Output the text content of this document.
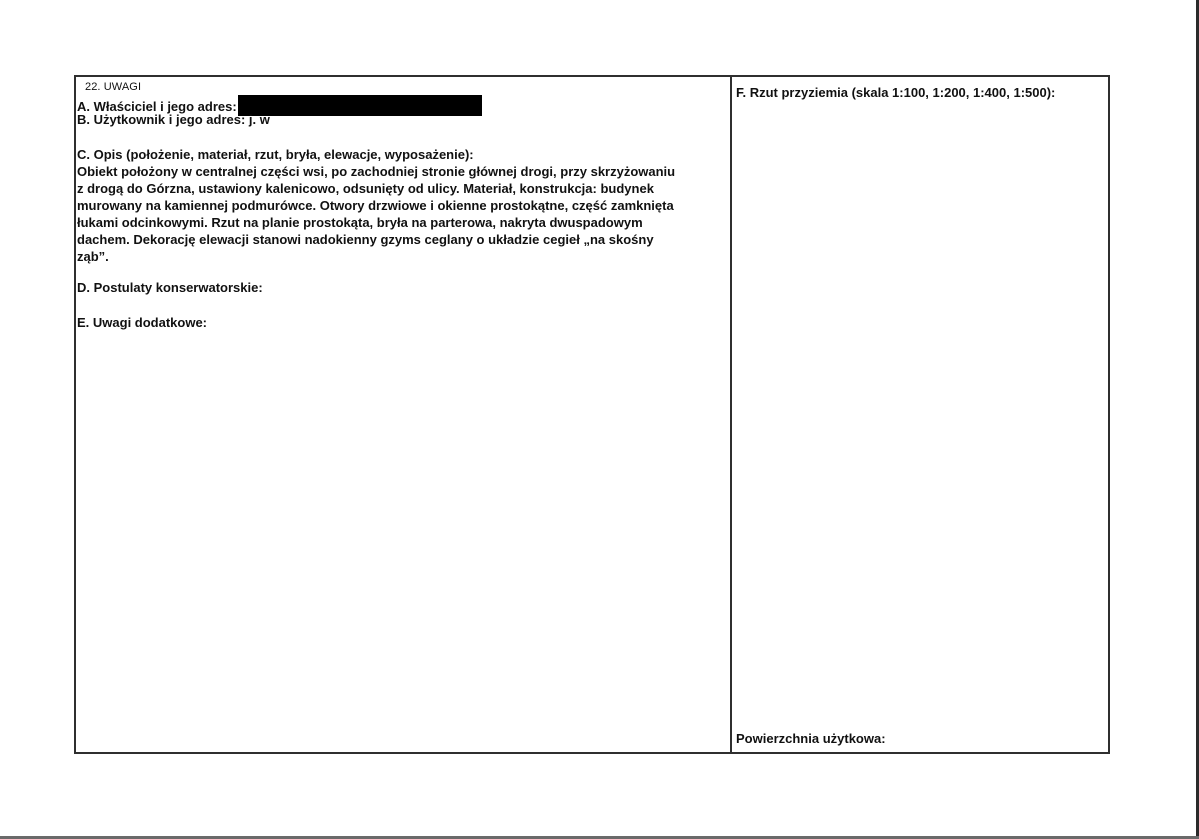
22. UWAGI
A. Właściciel i jego adres:
B. Użytkownik i jego adres: j. w
C. Opis (położenie, materiał, rzut, bryła, elewacje, wyposażenie):
Obiekt położony w centralnej części wsi, po zachodniej stronie głównej drogi, przy skrzyżowaniu
z drogą do Górzna, ustawiony kalenicowo, odsunięty od ulicy. Materiał, konstrukcja: budynek
murowany na kamiennej podmurówce. Otwory drzwiowe i okienne prostokątne, część zamknięta
łukami odcinkowymi. Rzut na planie prostokąta, bryła na parterowa, nakryta dwuspadowym
dachem. Dekorację elewacji stanowi nadokienny gzyms ceglany o układzie cegieł „na skośny
ząb”.
D. Postulaty konserwatorskie:
E. Uwagi dodatkowe:
F. Rzut przyziemia (skala 1:100, 1:200, 1:400, 1:500):
Powierzchnia użytkowa:
